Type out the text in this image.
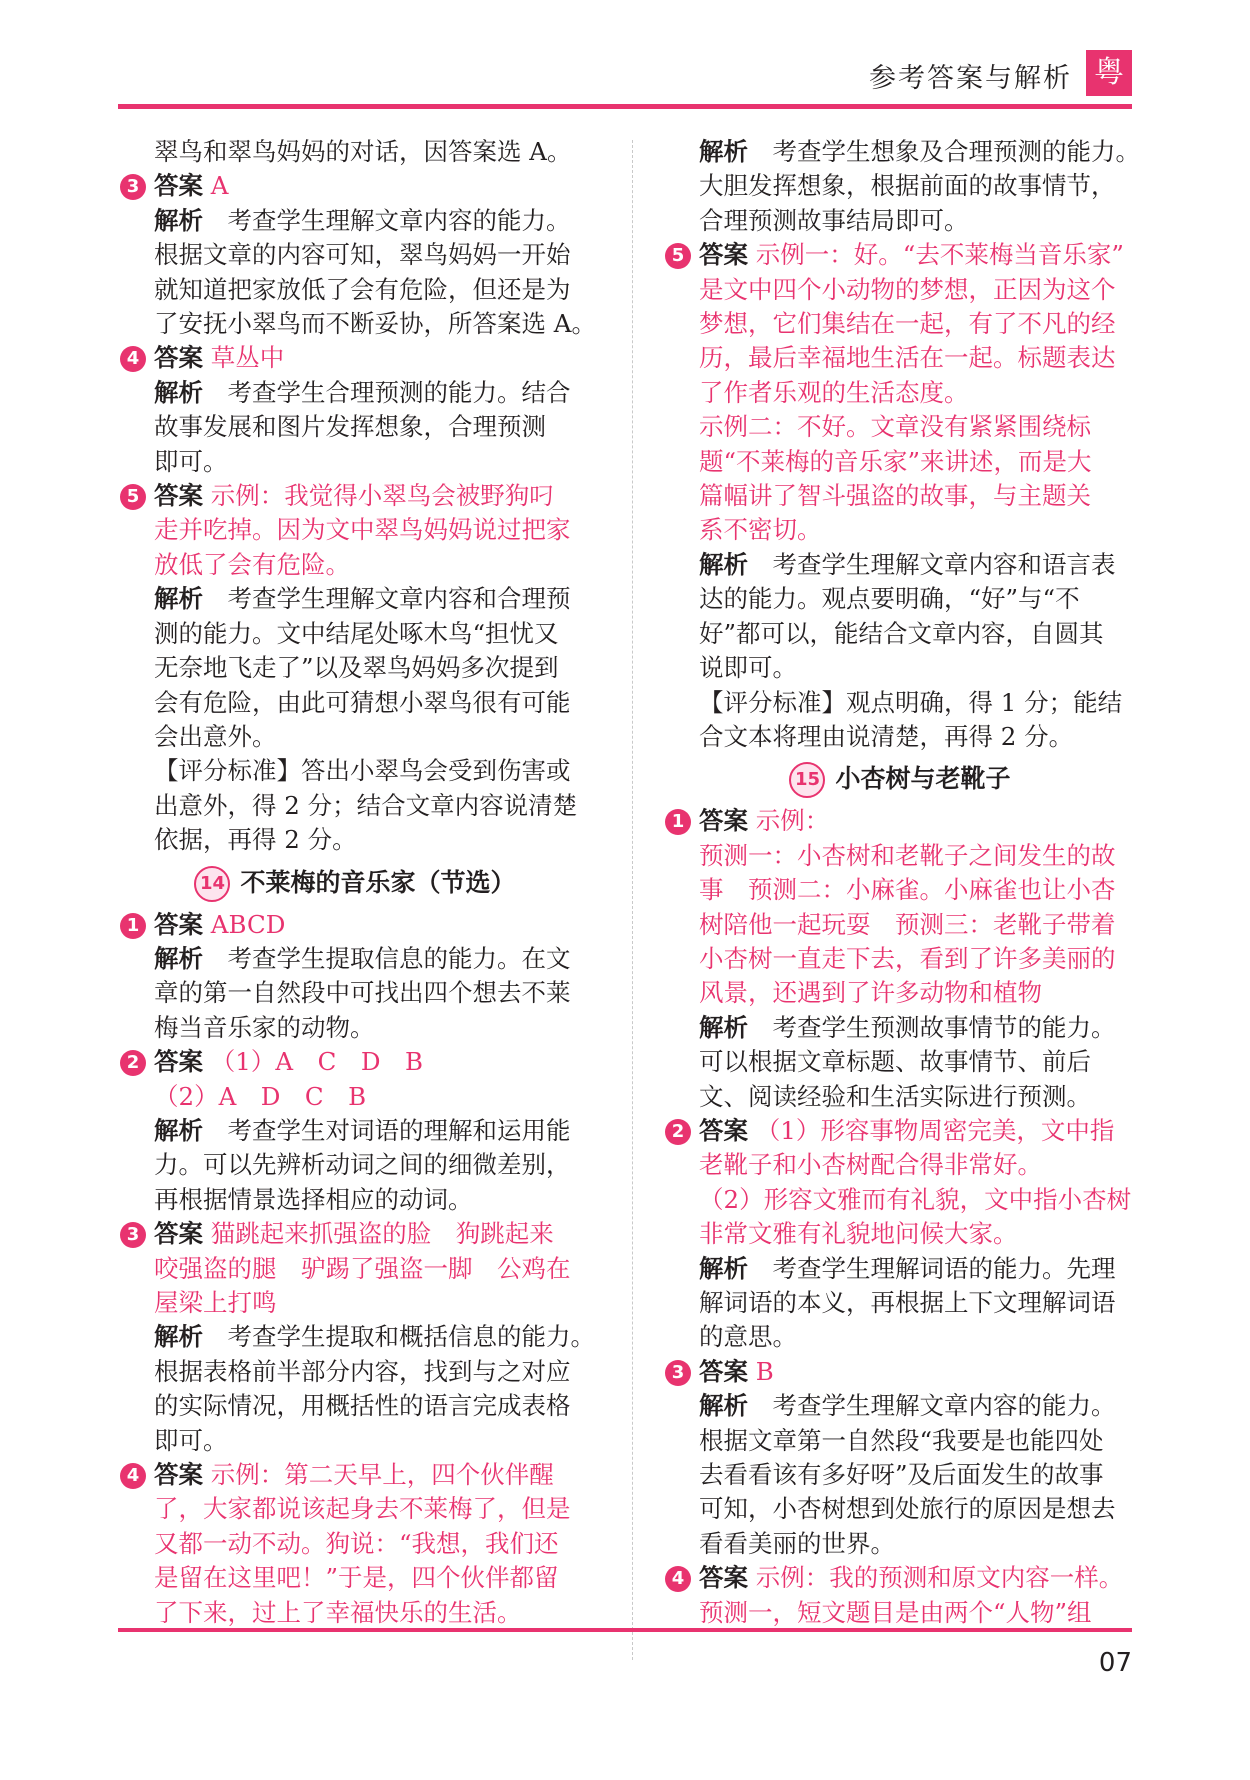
参考答案与解析 粤
翠鸟和翠鸟妈妈的对话，因答案选 A。
3 答案 A
解析　 考查学生理解文章内容的能力。
根据文章的内容可知，翠鸟妈妈一开始
就知道把家放低了会有危险，但还是为
了安抚小翠鸟而不断妥协，所答案选 A。
4 答案 草丛中
解析　 考查学生合理预测的能力。结合
故事发展和图片发挥想象，合理预测
即可。
5 答案 示例：我觉得小翠鸟会被野狗叼
走并吃掉。因为文中翠鸟妈妈说过把家
放低了会有危险。
解析　 考查学生理解文章内容和合理预
测的能力。文中结尾处啄木鸟“担忧又
无奈地飞走了”以及翠鸟妈妈多次提到
会有危险，由此可猜想小翠鸟很有可能
会出意外。
【评分标准】答出小翠鸟会受到伤害或
出意外，得 2 分；结合文章内容说清楚
依据，再得 2 分。
14 不莱梅的音乐家（节选）
1 答案 ABCD
解析　 考查学生提取信息的能力。在文
章的第一自然段中可找出四个想去不莱
梅当音乐家的动物。
2 答案 （1）A　C　D　B
（2）A　D　C　B
解析　 考查学生对词语的理解和运用能
力。可以先辨析动词之间的细微差别，
再根据情景选择相应的动词。
3 答案 猫跳起来抓强盗的脸　狗跳起来
咬强盗的腿　驴踢了强盗一脚　公鸡在
屋梁上打鸣
解析　 考查学生提取和概括信息的能力。
根据表格前半部分内容，找到与之对应
的实际情况，用概括性的语言完成表格
即可。
4 答案 示例：第二天早上，四个伙伴醒
了，大家都说该起身去不莱梅了，但是
又都一动不动。狗说：“我想，我们还
是留在这里吧！”于是，四个伙伴都留
了下来，过上了幸福快乐的生活。
解析　 考查学生想象及合理预测的能力。
大胆发挥想象，根据前面的故事情节，
合理预测故事结局即可。
5 答案 示例一：好。“去不莱梅当音乐家”
是文中四个小动物的梦想，正因为这个
梦想，它们集结在一起，有了不凡的经
历，最后幸福地生活在一起。标题表达
了作者乐观的生活态度。
示例二：不好。文章没有紧紧围绕标
题“不莱梅的音乐家”来讲述，而是大
篇幅讲了智斗强盗的故事，与主题关
系不密切。
解析　 考查学生理解文章内容和语言表
达的能力。观点要明确，“好”与“不
好”都可以，能结合文章内容，自圆其
说即可。
【评分标准】观点明确，得 1 分；能结
合文本将理由说清楚，再得 2 分。
15 小杏树与老靴子
1 答案 示例：
预测一：小杏树和老靴子之间发生的故
事　预测二：小麻雀。小麻雀也让小杏
树陪他一起玩耍　预测三：老靴子带着
小杏树一直走下去，看到了许多美丽的
风景，还遇到了许多动物和植物
解析　 考查学生预测故事情节的能力。
可以根据文章标题、故事情节、前后
文、阅读经验和生活实际进行预测。
2 答案 （1）形容事物周密完美，文中指
老靴子和小杏树配合得非常好。
（2）形容文雅而有礼貌，文中指小杏树
非常文雅有礼貌地问候大家。
解析　 考查学生理解词语的能力。先理
解词语的本义，再根据上下文理解词语
的意思。
3 答案 B
解析　 考查学生理解文章内容的能力。
根据文章第一自然段“我要是也能四处
去看看该有多好呀”及后面发生的故事
可知，小杏树想到处旅行的原因是想去
看看美丽的世界。
4 答案 示例：我的预测和原文内容一样。
预测一，短文题目是由两个“人物”组
07
